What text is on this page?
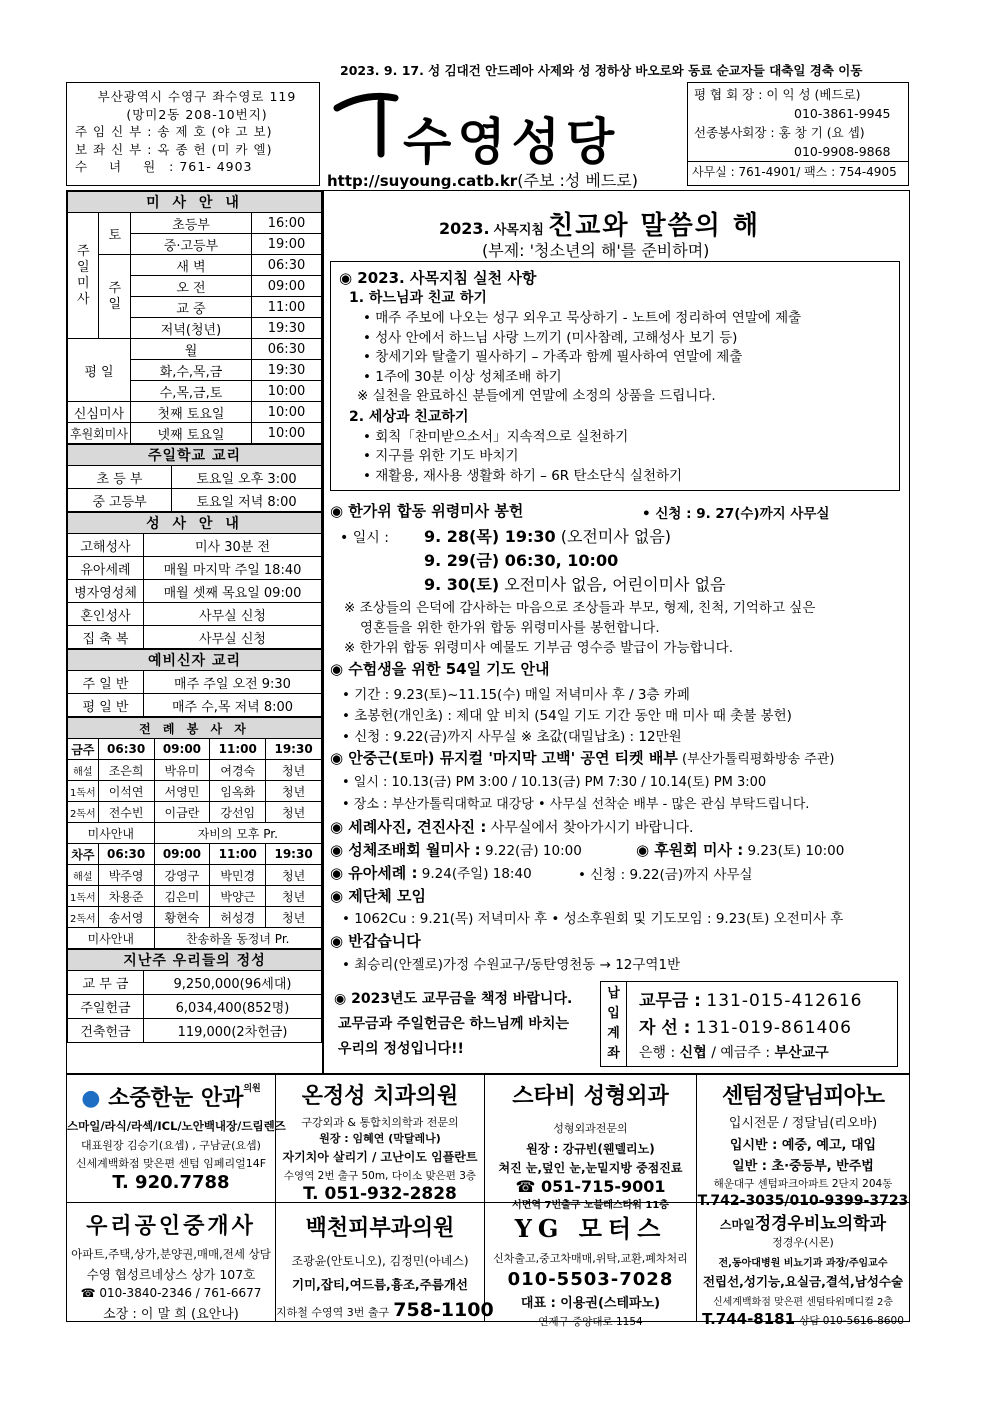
2023. 9. 17. 성 김대건 안드레아 사제와 성 정하상 바오로와 동료 순교자들 대축일 경축 이동

부산광역시 수영구 좌수영로 119

(망미2동 208-10번지)

주 임 신 부 : 송 제 호 (야 고 보)

보 좌 신 부 : 옥 종 헌 (미 카 엘)

수 녀 원 : 761- 4903	수영성당
http://suyoung.catb.kr(주보 :성 베드로)
평 협 회 장 : 이 익 성 (베드로)
010-3861-9945
선종봉사회장 : 홍 창 기 (요 셉)
010-9908-9868
사무실 : 761-4901/ 팩스 : 754-4905
미 사 안 내			
주
일
미
사	토	초등부	16:00
		중·고등부	19:00
	주
일	새 벽	06:30
		오 전	09:00
		교 중	11:00
		저녁(청년)	19:30
평 일		월	06:30
		화,수,목,금	19:30
		수,목,금,토	10:00
신심미사		첫째 토요일	10:00
후원회미사		넷째 토요일	10:00
주일학교 교리	
초 등 부	토요일 오후 3:00
중 고등부	토요일 저녁 8:00
성 사 안 내	
고해성사	미사 30분 전
유아세례	매월 마지막 주일 18:40
병자영성체	매월 셋째 목요일 09:00
혼인성사	사무실 신청
집 축 복	사무실 신청
예비신자 교리	
주 일 반	매주 주일 오전 9:30
평 일 반	매주 수,목 저녁 8:00
전 례 봉 사 자				
금주	06:30	09:00	11:00	19:30
해설	조은희	박유미	여경숙	청년
1독서	이석연	서영민	임옥화	청년
2독서	전수빈	이금란	강선임	청년
미사안내		자비의 모후 Pr.		
차주	06:30	09:00	11:00	19:30
해설	박주영	강영구	박민경	청년
1독서	차용준	김은미	박양근	청년
2독서	송서영	황현숙	허성경	청년
미사안내		찬송하올 동정녀 Pr.		
지난주 우리들의 정성	
교 무 금	9,250,000(96세대)
주일헌금	6,034,400(852명)
건축헌금	119,000(2차헌금)
2023. 사목지침 친교와 말씀의 해
(부제: '청소년의 해'를 준비하며)
◉ 2023. 사목지침 실천 사항
1. 하느님과 친교 하기
• 매주 주보에 나오는 성구 외우고 묵상하기 - 노트에 정리하여 연말에 제출
• 성사 안에서 하느님 사랑 느끼기 (미사참례, 고해성사 보기 등)
• 창세기와 탈출기 필사하기 – 가족과 함께 필사하여 연말에 제출
• 1주에 30분 이상 성체조배 하기
※ 실천을 완료하신 분들에게 연말에 소정의 상품을 드립니다.
2. 세상과 친교하기
• 회칙「찬미받으소서」지속적으로 실천하기
• 지구를 위한 기도 바치기
• 재활용, 재사용 생활화 하기 – 6R 탄소단식 실천하기
◉ 한가위 합동 위령미사 봉헌	• 신청 : 9. 27(수)까지 사무실
• 일시 : 9. 28(목) 19:30 (오전미사 없음)
9. 29(금) 06:30, 10:00
9. 30(토) 오전미사 없음, 어린이미사 없음
※ 조상들의 은덕에 감사하는 마음으로 조상들과 부모, 형제, 친척, 기억하고 싶은
영혼들을 위한 한가위 합동 위령미사를 봉헌합니다.
※ 한가위 합동 위령미사 예물도 기부금 영수증 발급이 가능합니다.
◉ 수험생을 위한 54일 기도 안내
• 기간 : 9.23(토)~11.15(수) 매일 저녁미사 후 / 3층 카페
• 초봉헌(개인초) : 제대 앞 비치 (54일 기도 기간 동안 매 미사 때 촛불 봉헌)
• 신청 : 9.22(금)까지 사무실 ※ 초값(대밀납초) : 12만원
◉ 안중근(토마) 뮤지컬 '마지막 고백' 공연 티켓 배부 (부산가톨릭평화방송 주관)
• 일시 : 10.13(금) PM 3:00 / 10.13(금) PM 7:30 / 10.14(토) PM 3:00
• 장소 : 부산가톨릭대학교 대강당 • 사무실 선착순 배부 - 많은 관심 부탁드립니다.
◉ 세례사진, 견진사진 : 사무실에서 찾아가시기 바랍니다.
◉ 성체조배회 월미사 : 9.22(금) 10:00	◉ 후원회 미사 : 9.23(토) 10:00
◉ 유아세례 : 9.24(주일) 18:40	• 신청 : 9.22(금)까지 사무실
◉ 제단체 모임
• 1062Cu : 9.21(목) 저녁미사 후 • 성소후원회 및 기도모임 : 9.23(토) 오전미사 후
◉ 반갑습니다
• 최승리(안젤로)가정 수원교구/동탄영천동 → 12구역1반
◉ 2023년도 교무금을 책정 바랍니다.
교무금과 주일헌금은 하느님께 바치는
우리의 정성입니다!!
납입계좌
교무금 : 131-015-412616
자 선 : 131-019-861406
은행 : 신협 / 예금주 : 부산교구
● 소중한눈 안과$^{의원}$
스마일/라식/라섹/ICL/노안백내장/드림렌즈
대표원장 김승기(요셉) , 구남균(요셉)
신세계백화점 맞은편 센텀 임페리얼14F
T. 920.7788
온정성 치과의원
구강외과 & 통합치의학과 전문의
원장 : 임혜연 (막달레나)
자기치아 살리기 / 고난이도 임플란트
수영역 2번 출구 50m, 다이소 맞은편 3층
T. 051-932-2828
스타비 성형외과
성형외과전문의
원장 : 강규빈(웬델리노)
쳐진 눈,덮인 눈,눈밑지방 중점진료
☎ 051-715-9001
서면역 7번출구 노블레스타워 11층
센텀정달님피아노
입시전문 / 정달님(리오바)
입시반 : 예중, 예고, 대입
일반 : 초·중등부, 반주법
해운대구 센텀파크아파트 2단지 204동
T.742-3035/010-9399-3723
우리공인중개사
아파트,주택,상가,분양권,매매,전세 상담
수영 협성르네상스 상가 107호
☎ 010-3840-2346 / 761-6677
소장 : 이 말 희 (요안나)
백천피부과의원
조광윤(안토니오), 김정민(아녜스)
기미,잡티,여드름,흉조,주름개선
지하철 수영역 3번 출구 758-1100
YG 모터스
신차출고,중고차매매,위탁,교환,폐차처리
010-5503-7028
대표 : 이용권(스테파노)
연제구 중앙대로 1154
스마일정경우비뇨의학과
정경우(시몬)
전,동아대병원 비뇨기과 과장/주임교수
전립선,성기능,요실금,결석,남성수술
신세계백화점 맞은편 센텀타워메디컬 2층
T.744-8181 상담 010-5616-8600
